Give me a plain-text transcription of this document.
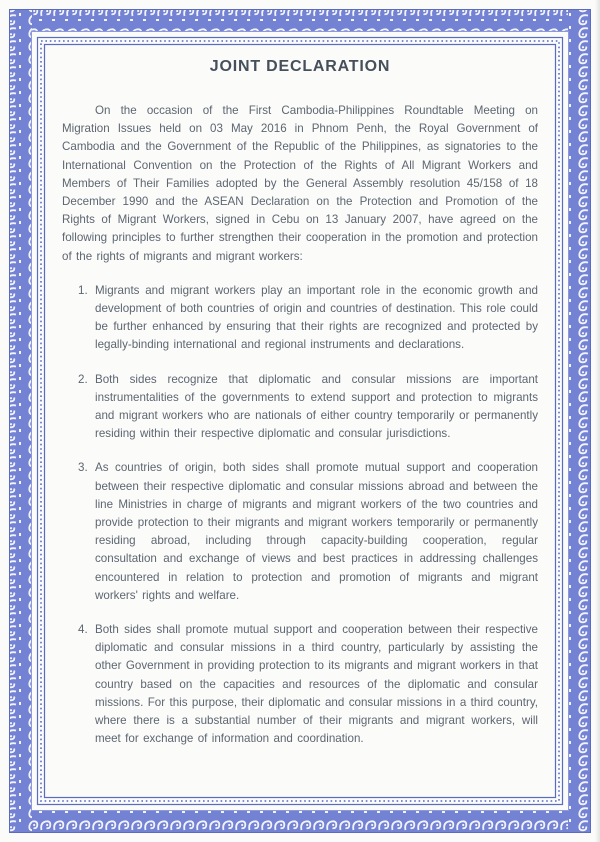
JOINT DECLARATION

On the occasion of the First Cambodia-Philippines Roundtable Meeting on Migration Issues held on 03 May 2016 in Phnom Penh, the Royal Government of Cambodia and the Government of the Republic of the Philippines, as signatories to the International Convention on the Protection of the Rights of All Migrant Workers and Members of Their Families adopted by the General Assembly resolution 45/158 of 18 December 1990 and the ASEAN Declaration on the Protection and Promotion of the Rights of Migrant Workers, signed in Cebu on 13 January 2007, have agreed on the following principles to further strengthen their cooperation in the promotion and protection of the rights of migrants and migrant workers:

1. Migrants and migrant workers play an important role in the economic growth and development of both countries of origin and countries of destination. This role could be further enhanced by ensuring that their rights are recognized and protected by legally-binding international and regional instruments and declarations.
2. Both sides recognize that diplomatic and consular missions are important instrumentalities of the governments to extend support and protection to migrants and migrant workers who are nationals of either country temporarily or permanently residing within their respective diplomatic and consular jurisdictions.
3. As countries of origin, both sides shall promote mutual support and cooperation between their respective diplomatic and consular missions abroad and between the line Ministries in charge of migrants and migrant workers of the two countries and provide protection to their migrants and migrant workers temporarily or permanently residing abroad, including through capacity-building cooperation, regular consultation and exchange of views and best practices in addressing challenges encountered in relation to protection and promotion of migrants and migrant workers' rights and welfare.
4. Both sides shall promote mutual support and cooperation between their respective diplomatic and consular missions in a third country, particularly by assisting the other Government in providing protection to its migrants and migrant workers in that country based on the capacities and resources of the diplomatic and consular missions. For this purpose, their diplomatic and consular missions in a third country, where there is a substantial number of their migrants and migrant workers, will meet for exchange of information and coordination.
